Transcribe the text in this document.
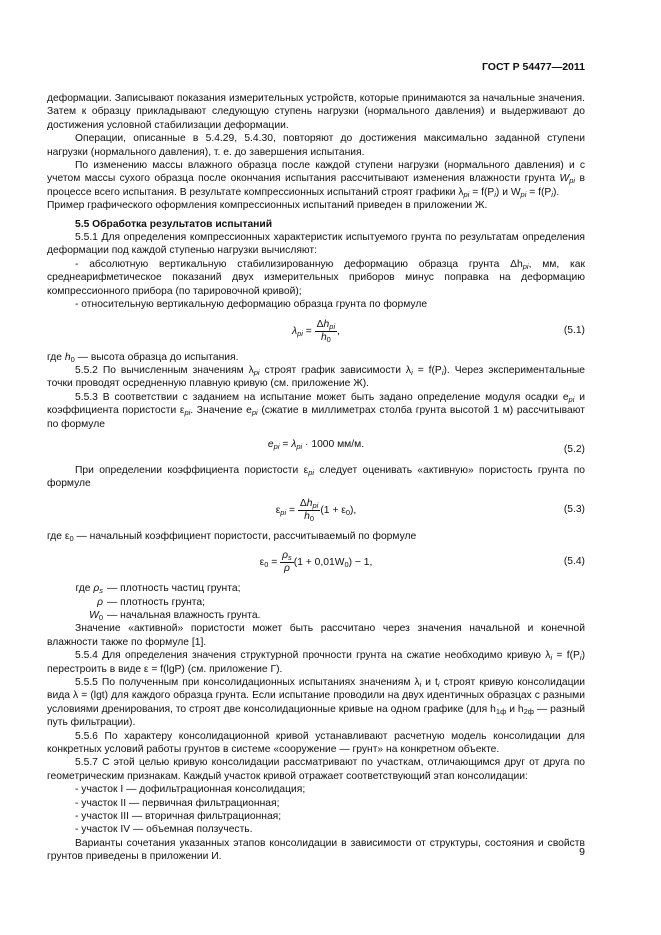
ГОСТ Р 54477—2011

деформации. Записывают показания измерительных устройств, которые принимаются за начальные значения. Затем к образцу прикладывают следующую ступень нагрузки (нормального давления) и выдерживают до достижения условной стабилизации деформации.

Операции, описанные в 5.4.29, 5.4.30, повторяют до достижения максимально заданной ступени нагрузки (нормального давления), т. е. до завершения испытания.

По изменению массы влажного образца после каждой ступени нагрузки (нормального давления) и с учетом массы сухого образца после окончания испытания рассчитывают изменения влажности грунта $W_{pi}$ в процессе всего испытания. В результате компрессионных испытаний строят графики $\lambda_{pi} = f(P_i)$ и $W_{pi} = f(P_i)$.

Пример графического оформления компрессионных испытаний приведен в приложении Ж.

5.5 Обработка результатов испытаний

5.5.1 Для определения компрессионных характеристик испытуемого грунта по результатам определения деформации под каждой ступенью нагрузки вычисляют:

- абсолютную вертикальную стабилизированную деформацию образца грунта $\Delta h_{pi}$, мм, как среднеарифметическое показаний двух измерительных приборов минус поправка на деформацию компрессионного прибора (по тарировочной кривой);

- относительную вертикальную деформацию образца грунта по формуле

$\lambda_{pi} = \frac{\Delta h_{pi}}{h_0}$ ,	(5.1)

где $h_0$ — высота образца до испытания.

5.5.2 По вычисленным значениям $\lambda_{pi}$ строят график зависимости $\lambda_i = f(P_i)$. Через экспериментальные точки проводят осредненную плавную кривую (см. приложение Ж).

5.5.3 В соответствии с заданием на испытание может быть задано определение модуля осадки $e_{pi}$ и коэффициента пористости $\varepsilon_{pi}$. Значение $e_{pi}$ (сжатие в миллиметрах столба грунта высотой 1 м) рассчитывают по формуле

$e_{pi} = \lambda_{pi} \cdot 1000$ мм/м.	(5.2)

При определении коэффициента пористости $\varepsilon_{pi}$ следует оценивать «активную» пористость грунта по формуле

$\varepsilon_{pi} = \frac{\Delta h_{pi}}{h_0} (1 + \varepsilon_0)$,	(5.3)

где $\varepsilon_0$ — начальный коэффициент пористости, рассчитываемый по формуле

$\varepsilon_0 = \frac{\rho_s}{\rho} (1 + 0,01W_0) - 1$,	(5.4)
где $\rho_s$ — плотность частиц грунта;
ρ — плотность грунта;
$W_0$ — начальная влажность грунта.

Значение «активной» пористости может быть рассчитано через значения начальной и конечной влажности также по формуле [1].

5.5.4 Для определения значения структурной прочности грунта на сжатие необходимо кривую $\lambda_i = f(P_i)$ перестроить в виде ε = f(lgP) (см. приложение Г).

5.5.5 По полученным при консолидационных испытаниях значениям $\lambda_i$ и $t_i$ строят кривую консолидации вида λ = (lgt) для каждого образца грунта. Если испытание проводили на двух идентичных образцах с разными условиями дренирования, то строят две консолидационные кривые на одном графике (для $h_{1ф}$ и $h_{2ф}$ — разный путь фильтрации).

5.5.6 По характеру консолидационной кривой устанавливают расчетную модель консолидации для конкретных условий работы грунтов в системе «сооружение — грунт» на конкретном объекте.

5.5.7 С этой целью кривую консолидации рассматривают по участкам, отличающимся друг от друга по геометрическим признакам. Каждый участок кривой отражает соответствующий этап консолидации:

- участок I — дофильтрационная консолидация;

- участок II — первичная фильтрационная;

- участок III — вторичная фильтрационная;

- участок IV — объемная ползучесть.

Варианты сочетания указанных этапов консолидации в зависимости от структуры, состояния и свойств грунтов приведены в приложении И.	9
